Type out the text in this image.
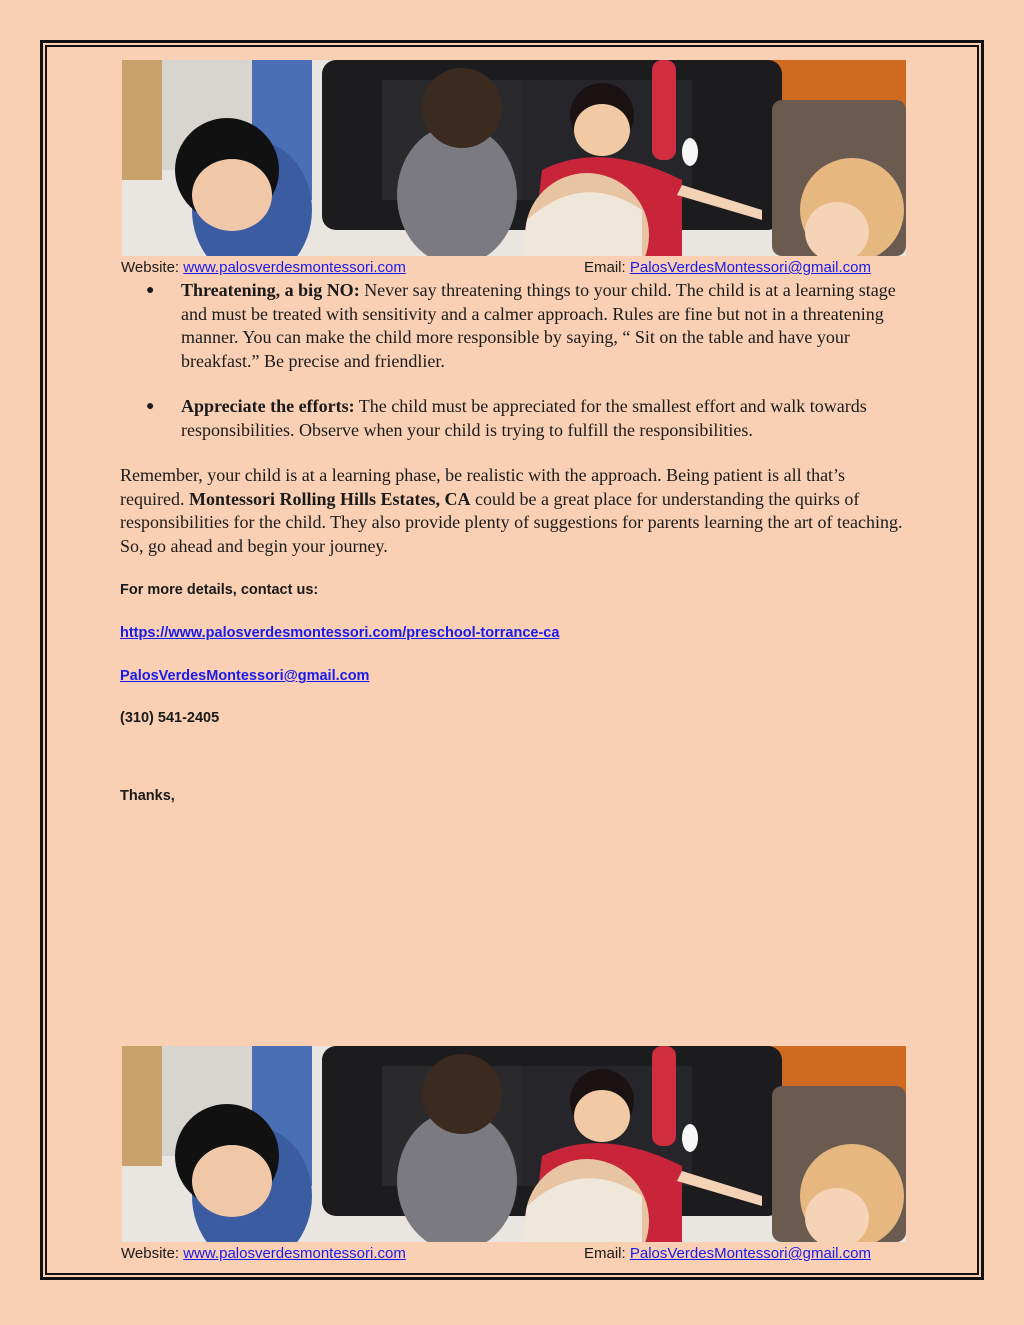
Website: www.palosverdesmontessori.com	Email: PalosVerdesMontessori@gmail.com
● Threatening, a big NO: Never say threatening things to your child. The child is at a learning stage and must be treated with sensitivity and a calmer approach. Rules are fine but not in a threatening manner. You can make the child more responsible by saying, “ Sit on the table and have your breakfast.” Be precise and friendlier.
● Appreciate the efforts: The child must be appreciated for the smallest effort and walk towards responsibilities. Observe when your child is trying to fulfill the responsibilities.
Remember, your child is at a learning phase, be realistic with the approach. Being patient is all that’s required. Montessori Rolling Hills Estates, CA could be a great place for understanding the quirks of responsibilities for the child. They also provide plenty of suggestions for parents learning the art of teaching. So, go ahead and begin your journey.
For more details, contact us:
https://www.palosverdesmontessori.com/preschool-torrance-ca
PalosVerdesMontessori@gmail.com
(310) 541-2405
Thanks,
Website: www.palosverdesmontessori.com	Email: PalosVerdesMontessori@gmail.com
